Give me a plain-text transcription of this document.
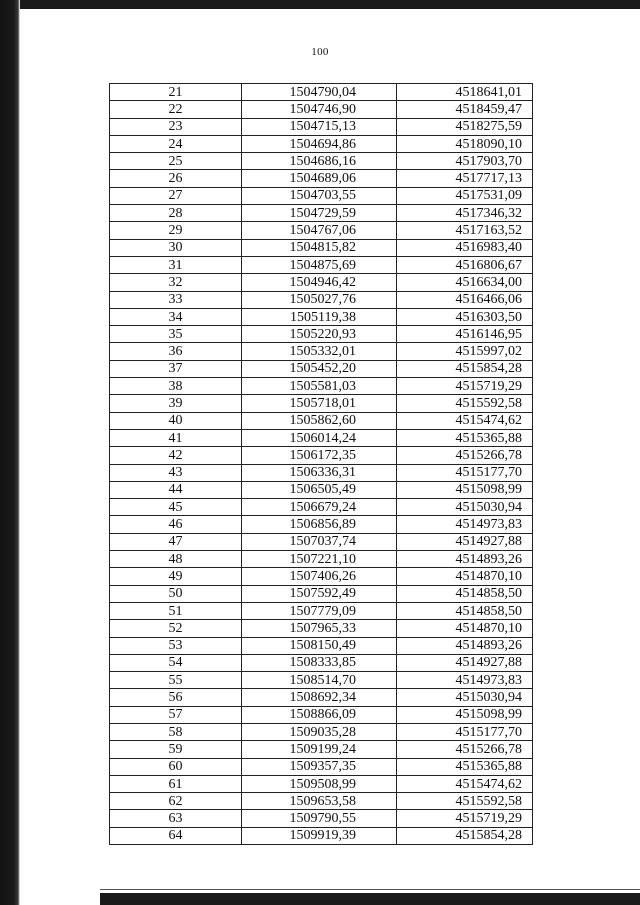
100
21	1504790,04	4518641,01
22	1504746,90	4518459,47
23	1504715,13	4518275,59
24	1504694,86	4518090,10
25	1504686,16	4517903,70
26	1504689,06	4517717,13
27	1504703,55	4517531,09
28	1504729,59	4517346,32
29	1504767,06	4517163,52
30	1504815,82	4516983,40
31	1504875,69	4516806,67
32	1504946,42	4516634,00
33	1505027,76	4516466,06
34	1505119,38	4516303,50
35	1505220,93	4516146,95
36	1505332,01	4515997,02
37	1505452,20	4515854,28
38	1505581,03	4515719,29
39	1505718,01	4515592,58
40	1505862,60	4515474,62
41	1506014,24	4515365,88
42	1506172,35	4515266,78
43	1506336,31	4515177,70
44	1506505,49	4515098,99
45	1506679,24	4515030,94
46	1506856,89	4514973,83
47	1507037,74	4514927,88
48	1507221,10	4514893,26
49	1507406,26	4514870,10
50	1507592,49	4514858,50
51	1507779,09	4514858,50
52	1507965,33	4514870,10
53	1508150,49	4514893,26
54	1508333,85	4514927,88
55	1508514,70	4514973,83
56	1508692,34	4515030,94
57	1508866,09	4515098,99
58	1509035,28	4515177,70
59	1509199,24	4515266,78
60	1509357,35	4515365,88
61	1509508,99	4515474,62
62	1509653,58	4515592,58
63	1509790,55	4515719,29
64	1509919,39	4515854,28
